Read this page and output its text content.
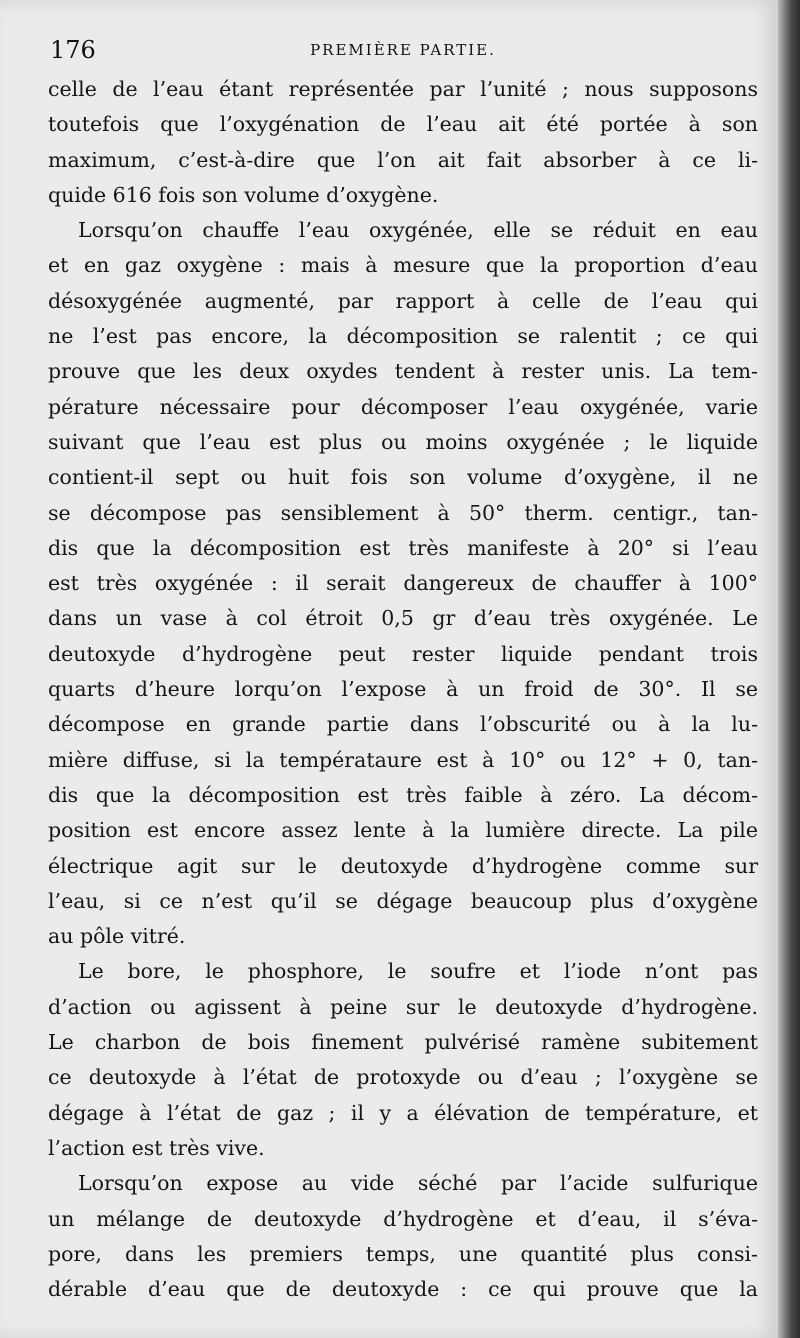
176	PREMIÈRE PARTIE.
celle de l’eau étant représentée par l’unité ; nous supposons
toutefois que l’oxygénation de l’eau ait été portée à son
maximum, c’est-à-dire que l’on ait fait absorber à ce li-
quide 616 fois son volume d’oxygène.
Lorsqu’on chauffe l’eau oxygénée, elle se réduit en eau
et en gaz oxygène : mais à mesure que la proportion d’eau
désoxygénée augmenté, par rapport à celle de l’eau qui
ne l’est pas encore, la décomposition se ralentit ; ce qui
prouve que les deux oxydes tendent à rester unis. La tem-
pérature nécessaire pour décomposer l’eau oxygénée, varie
suivant que l’eau est plus ou moins oxygénée ; le liquide
contient-il sept ou huit fois son volume d’oxygène, il ne
se décompose pas sensiblement à 50° therm. centigr., tan-
dis que la décomposition est très manifeste à 20° si l’eau
est très oxygénée : il serait dangereux de chauffer à 100°
dans un vase à col étroit 0,5 gr d’eau très oxygénée. Le
deutoxyde d’hydrogène peut rester liquide pendant trois
quarts d’heure lorqu’on l’expose à un froid de 30°. Il se
décompose en grande partie dans l’obscurité ou à la lu-
mière diffuse, si la températaure est à 10° ou 12° + 0, tan-
dis que la décomposition est très faible à zéro. La décom-
position est encore assez lente à la lumière directe. La pile
électrique agit sur le deutoxyde d’hydrogène comme sur
l’eau, si ce n’est qu’il se dégage beaucoup plus d’oxygène
au pôle vitré.
Le bore, le phosphore, le soufre et l’iode n’ont pas
d’action ou agissent à peine sur le deutoxyde d’hydrogène.
Le charbon de bois finement pulvérisé ramène subitement
ce deutoxyde à l’état de protoxyde ou d’eau ; l’oxygène se
dégage à l’état de gaz ; il y a élévation de température, et
l’action est très vive.
Lorsqu’on expose au vide séché par l’acide sulfurique
un mélange de deutoxyde d’hydrogène et d’eau, il s’éva-
pore, dans les premiers temps, une quantité plus consi-
dérable d’eau que de deutoxyde : ce qui prouve que la
